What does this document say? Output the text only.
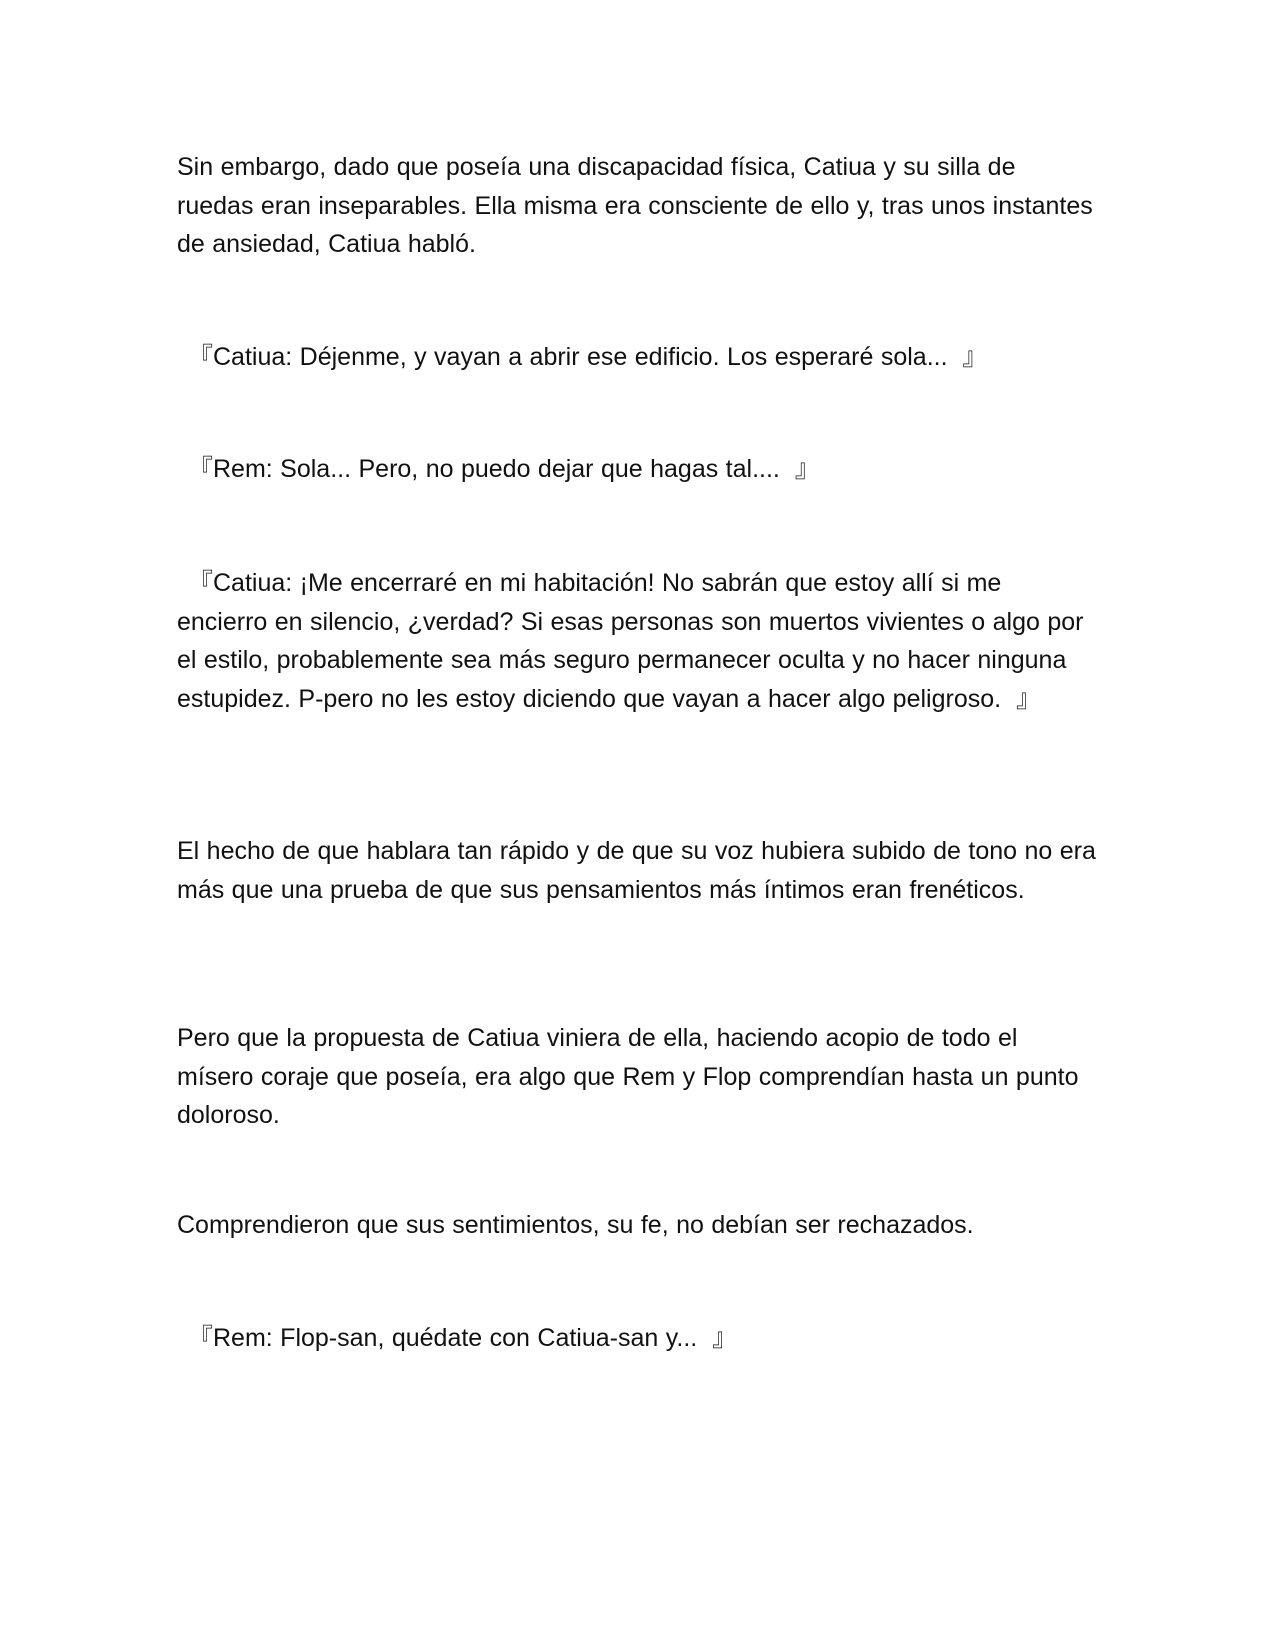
Sin embargo, dado que poseía una discapacidad física, Catiua y su silla de ruedas eran inseparables. Ella misma era consciente de ello y, tras unos instantes de ansiedad, Catiua habló.

『Catiua: Déjenme, y vayan a abrir ese edificio. Los esperaré sola...  』

『Rem: Sola... Pero, no puedo dejar que hagas tal....  』

『Catiua: ¡Me encerraré en mi habitación! No sabrán que estoy allí si me encierro en silencio, ¿verdad? Si esas personas son muertos vivientes o algo por el estilo, probablemente sea más seguro permanecer oculta y no hacer ninguna estupidez. P-pero no les estoy diciendo que vayan a hacer algo peligroso.  』

El hecho de que hablara tan rápido y de que su voz hubiera subido de tono no era más que una prueba de que sus pensamientos más íntimos eran frenéticos.

Pero que la propuesta de Catiua viniera de ella, haciendo acopio de todo el mísero coraje que poseía, era algo que Rem y Flop comprendían hasta un punto doloroso.

Comprendieron que sus sentimientos, su fe, no debían ser rechazados.

『Rem: Flop-san, quédate con Catiua-san y...  』
